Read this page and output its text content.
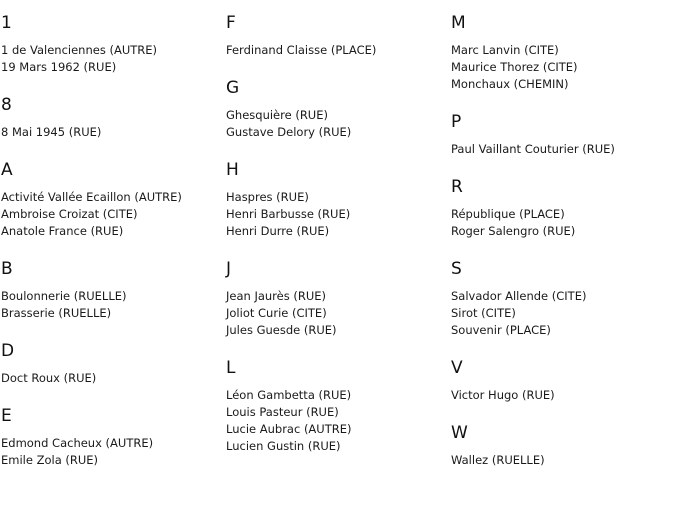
1
1 de Valenciennes (AUTRE)
19 Mars 1962 (RUE)
8
8 Mai 1945 (RUE)
A
Activité Vallée Ecaillon (AUTRE)
Ambroise Croizat (CITE)
Anatole France (RUE)
B
Boulonnerie (RUELLE)
Brasserie (RUELLE)
D
Doct Roux (RUE)
E
Edmond Cacheux (AUTRE)
Emile Zola (RUE)
F
Ferdinand Claisse (PLACE)
G
Ghesquière (RUE)
Gustave Delory (RUE)
H
Haspres (RUE)
Henri Barbusse (RUE)
Henri Durre (RUE)
J
Jean Jaurès (RUE)
Joliot Curie (CITE)
Jules Guesde (RUE)
L
Léon Gambetta (RUE)
Louis Pasteur (RUE)
Lucie Aubrac (AUTRE)
Lucien Gustin (RUE)
M
Marc Lanvin (CITE)
Maurice Thorez (CITE)
Monchaux (CHEMIN)
P
Paul Vaillant Couturier (RUE)
R
République (PLACE)
Roger Salengro (RUE)
S
Salvador Allende (CITE)
Sirot (CITE)
Souvenir (PLACE)
V
Victor Hugo (RUE)
W
Wallez (RUELLE)
